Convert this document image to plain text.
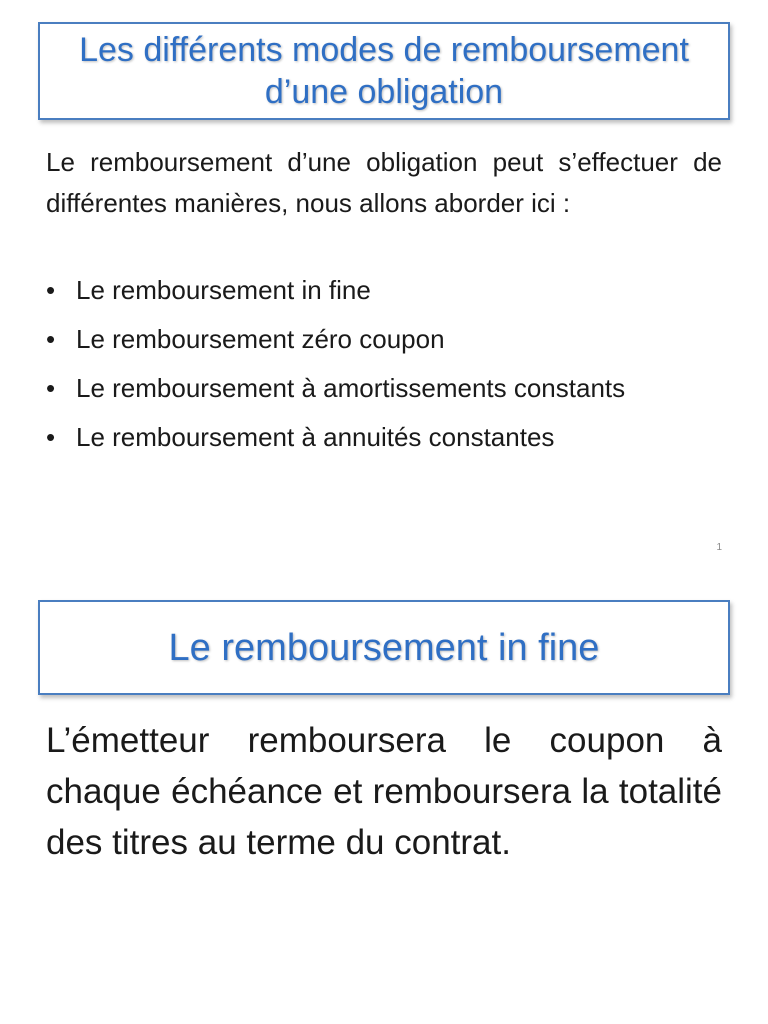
Les différents modes de remboursement d’une obligation

Le remboursement d’une obligation peut s’effectuer de différentes manières, nous allons aborder ici :

• Le remboursement in fine
• Le remboursement zéro coupon
• Le remboursement à amortissements constants
• Le remboursement à annuités constantes
1
Le remboursement in fine

L’émetteur remboursera le coupon à chaque échéance et remboursera la totalité des titres au terme du contrat.
